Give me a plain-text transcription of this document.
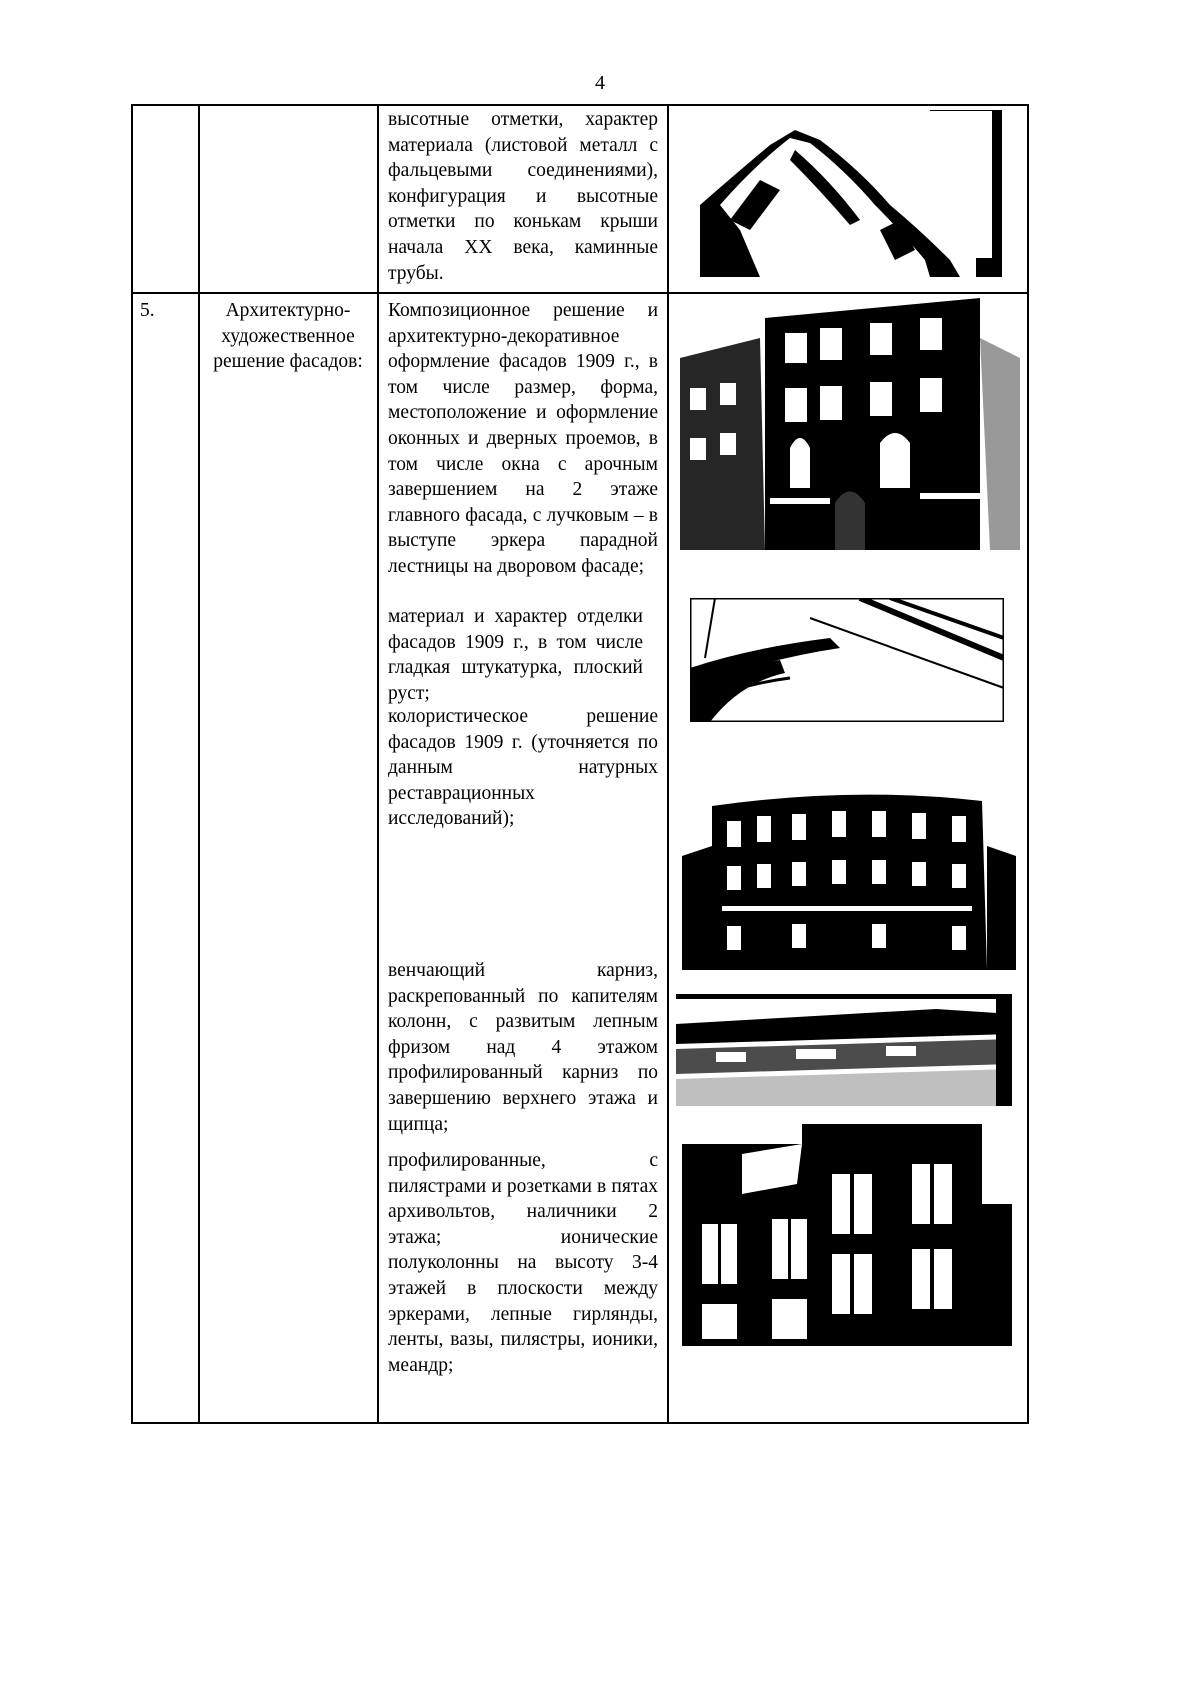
4
высотные отметки, характер материала (листовой металл с фальцевыми соединениями), конфигурация и высотные отметки по конькам крыши начала XX века, каминные трубы.
5.	Архитектурно-художественное решение фасадов:
Композиционное решение и архитектурно-декоративное оформление фасадов 1909 г., в том числе размер, форма, местоположение и оформление оконных и дверных проемов, в том числе окна с арочным завершением на 2 этаже главного фасада, с лучковым – в выступе эркера парадной лестницы на дворовом фасаде;
материал и характер отделки фасадов 1909 г., в том числе гладкая штукатурка, плоский руст;
колористическое решение фасадов 1909 г. (уточняется по данным натурных реставрационных исследований);
венчающий карниз, раскрепованный по капителям колонн, с развитым лепным фризом над 4 этажом профилированный карниз по завершению верхнего этажа и щипца;
профилированные, с пилястрами и розетками в пятах архивольтов, наличники 2 этажа; ионические полуколонны на высоту 3-4 этажей в плоскости между эркерами, лепные гирлянды, ленты, вазы, пилястры, ионики, меандр;
